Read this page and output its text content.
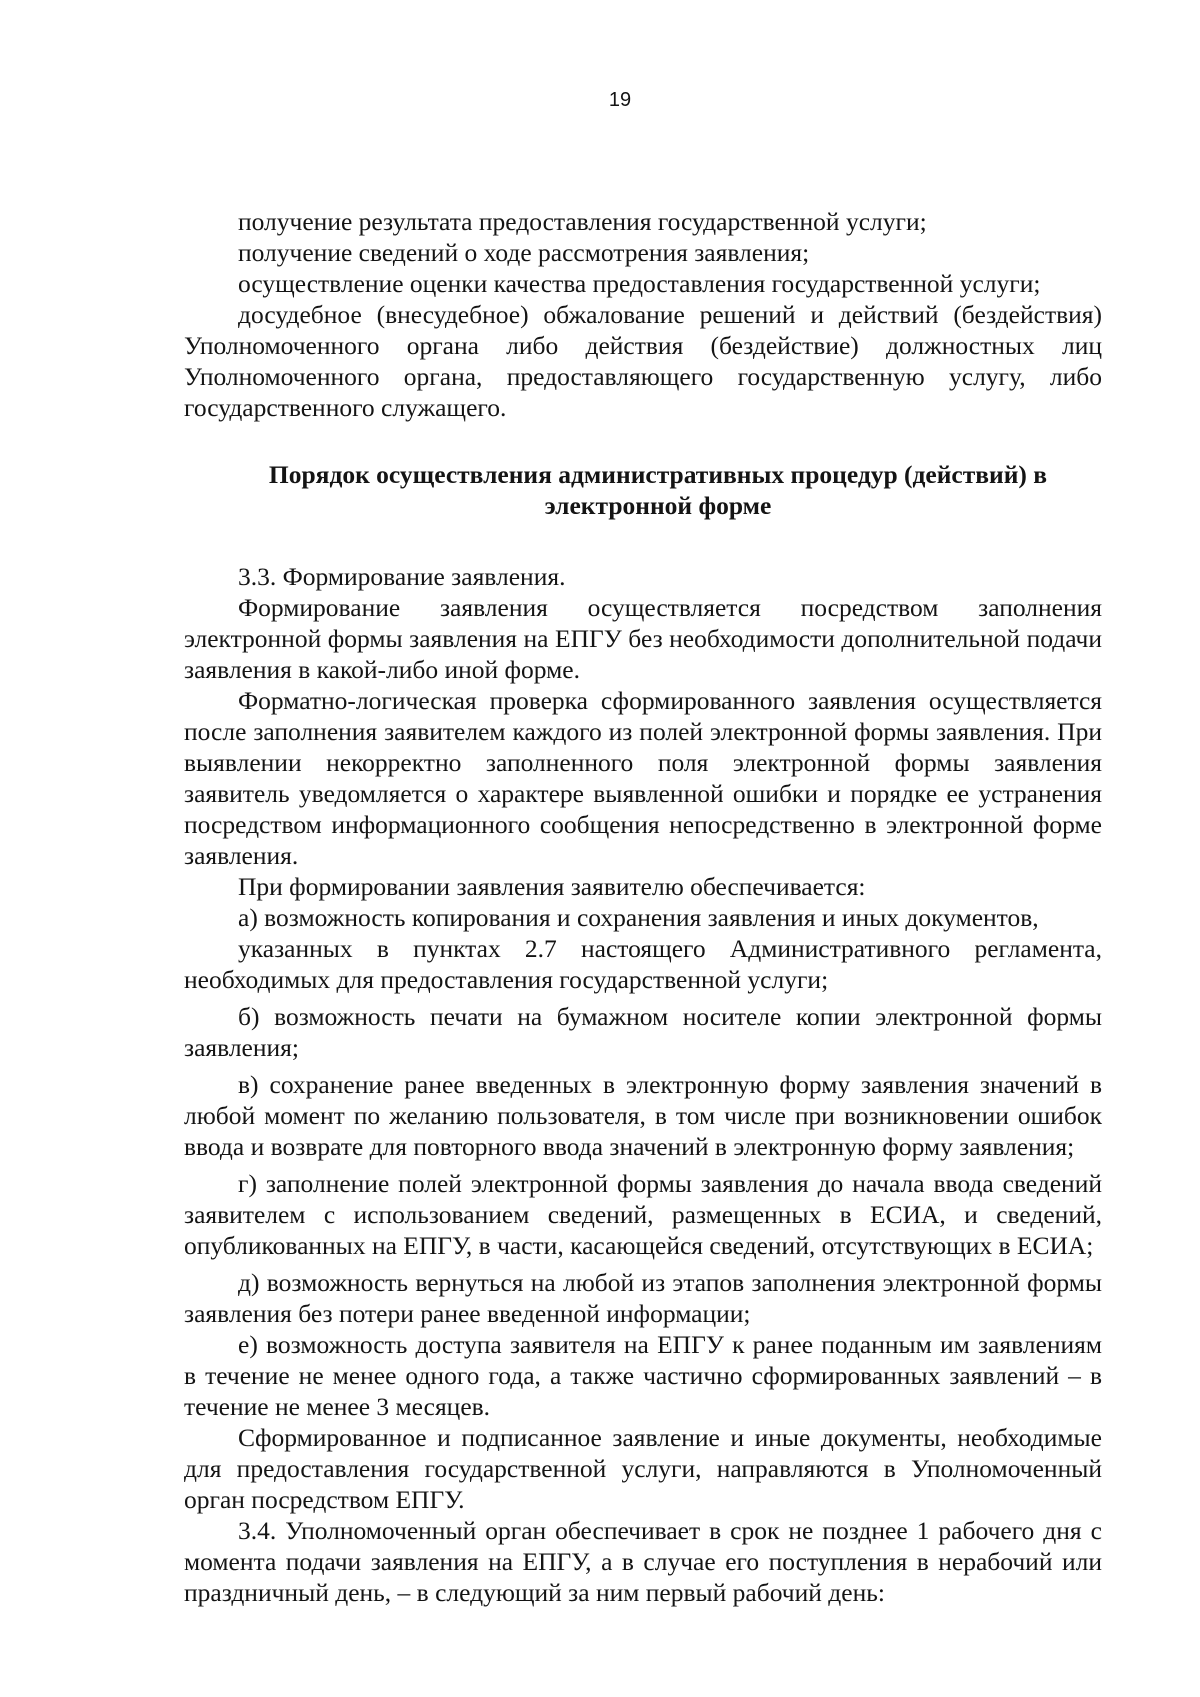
19

получение результата предоставления государственной услуги;

получение сведений о ходе рассмотрения заявления;

осуществление оценки качества предоставления государственной услуги;

досудебное (внесудебное) обжалование решений и действий (бездействия) Уполномоченного органа либо действия (бездействие) должностных лиц Уполномоченного органа, предоставляющего государственную услугу, либо государственного служащего.

Порядок осуществления административных процедур (действий) в
электронной форме

3.3. Формирование заявления.

Формирование заявления осуществляется посредством заполнения электронной формы заявления на ЕПГУ без необходимости дополнительной подачи заявления в какой-либо иной форме.

Форматно-логическая проверка сформированного заявления осуществляется после заполнения заявителем каждого из полей электронной формы заявления. При выявлении некорректно заполненного поля электронной формы заявления заявитель уведомляется о характере выявленной ошибки и порядке ее устранения посредством информационного сообщения непосредственно в электронной форме заявления.

При формировании заявления заявителю обеспечивается:

а) возможность копирования и сохранения заявления и иных документов,

указанных в пунктах 2.7 настоящего Административного регламента, необходимых для предоставления государственной услуги;

б) возможность печати на бумажном носителе копии электронной формы заявления;

в) сохранение ранее введенных в электронную форму заявления значений в любой момент по желанию пользователя, в том числе при возникновении ошибок ввода и возврате для повторного ввода значений в электронную форму заявления;

г) заполнение полей электронной формы заявления до начала ввода сведений заявителем с использованием сведений, размещенных в ЕСИА, и сведений, опубликованных на ЕПГУ, в части, касающейся сведений, отсутствующих в ЕСИА;

д) возможность вернуться на любой из этапов заполнения электронной формы заявления без потери ранее введенной информации;

е) возможность доступа заявителя на ЕПГУ к ранее поданным им заявлениям в течение не менее одного года, а также частично сформированных заявлений – в течение не менее 3 месяцев.

Сформированное и подписанное заявление и иные документы, необходимые для предоставления государственной услуги, направляются в Уполномоченный орган посредством ЕПГУ.

3.4. Уполномоченный орган обеспечивает в срок не позднее 1 рабочего дня с момента подачи заявления на ЕПГУ, а в случае его поступления в нерабочий или праздничный день, – в следующий за ним первый рабочий день:
